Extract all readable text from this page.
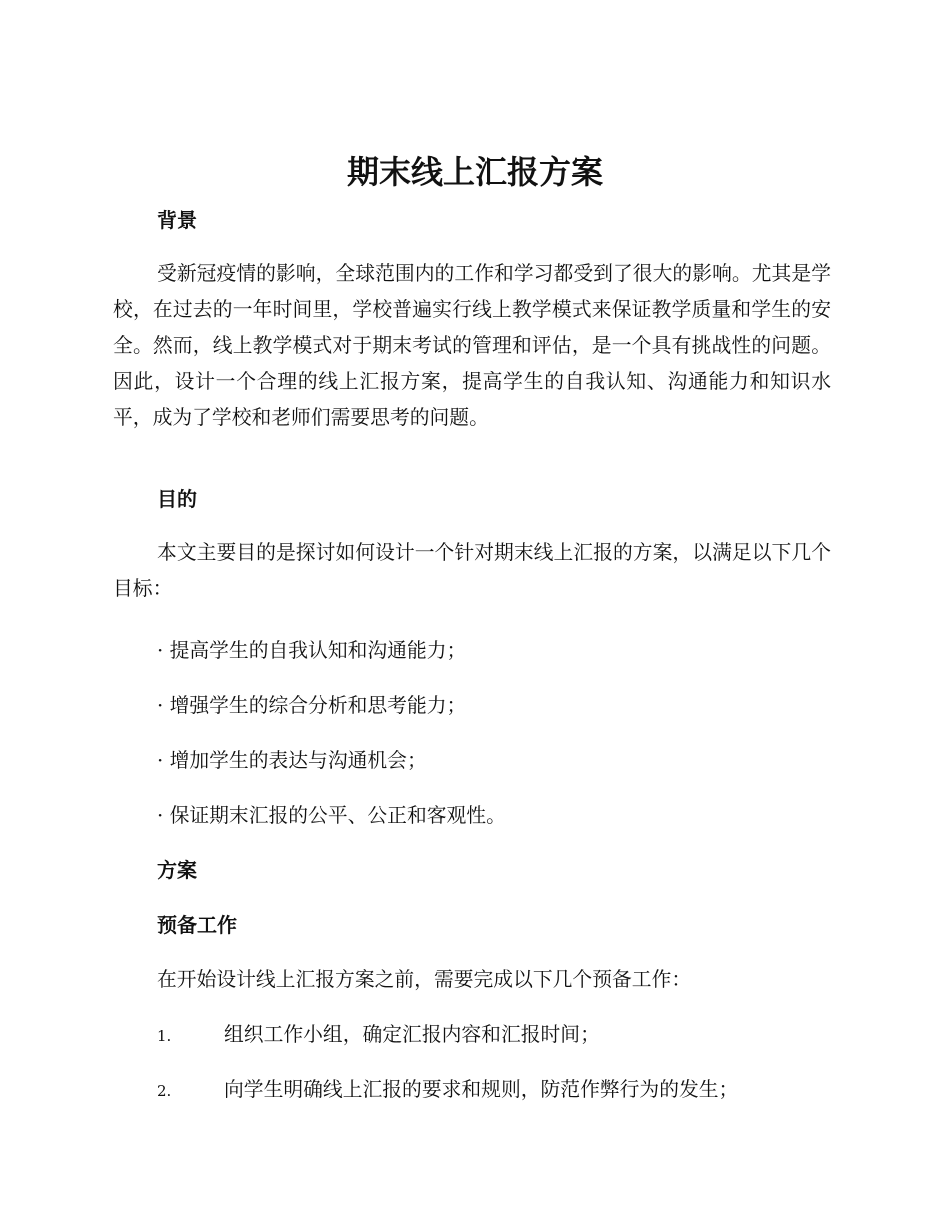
期末线上汇报方案
背景

受新冠疫情的影响，全球范围内的工作和学习都受到了很大的影响。尤其是学校，在过去的一年时间里，学校普遍实行线上教学模式来保证教学质量和学生的安全。然而，线上教学模式对于期末考试的管理和评估，是一个具有挑战性的问题。因此，设计一个合理的线上汇报方案，提高学生的自我认知、沟通能力和知识水平，成为了学校和老师们需要思考的问题。

目的

本文主要目的是探讨如何设计一个针对期末线上汇报的方案，以满足以下几个目标：

· 提高学生的自我认知和沟通能力；

· 增强学生的综合分析和思考能力；

· 增加学生的表达与沟通机会；

· 保证期末汇报的公平、公正和客观性。

方案
预备工作

在开始设计线上汇报方案之前，需要完成以下几个预备工作：

1.	组织工作小组，确定汇报内容和汇报时间；

2.	向学生明确线上汇报的要求和规则，防范作弊行为的发生；
